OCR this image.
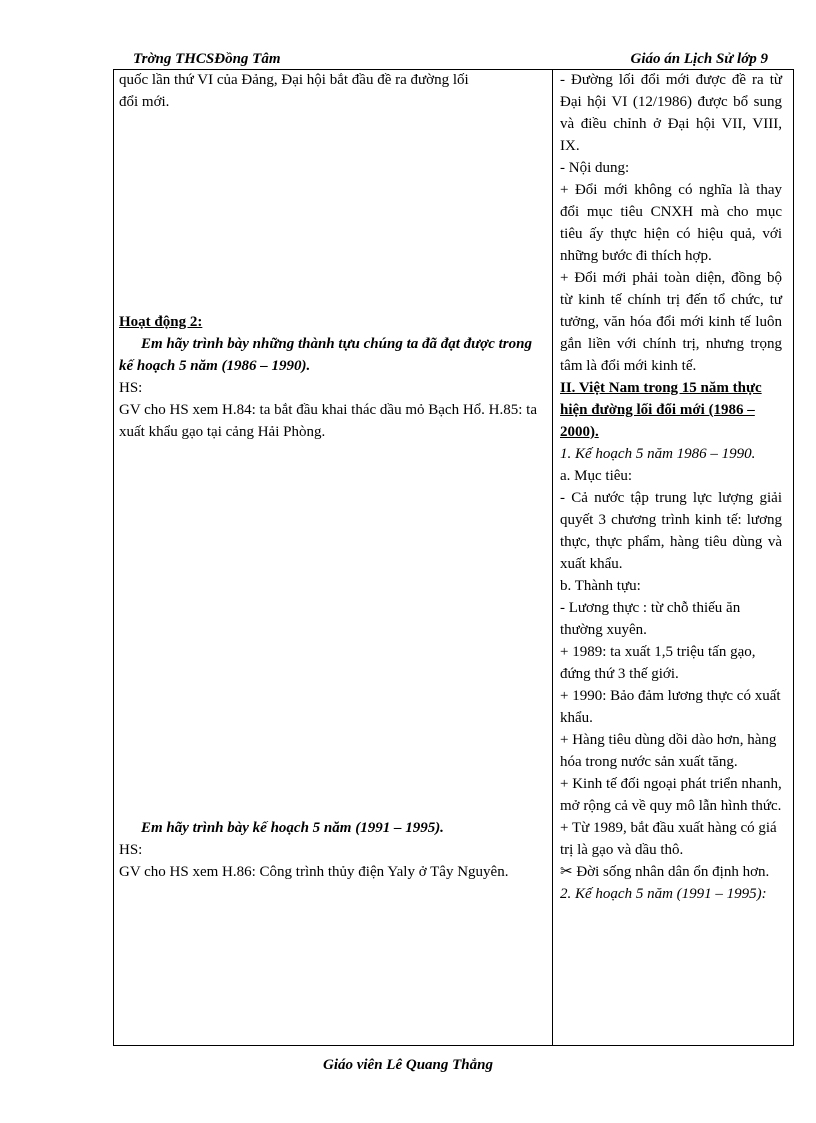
Trờng THCSĐồng Tâm	Giáo án Lịch Sử lớp 9

quốc lần thứ VI của Đảng, Đại hội bắt đầu đề ra đường lối

đổi mới.

Hoạt động 2:

Em hãy trình bày những thành tựu chúng ta đã đạt được trong kế hoạch 5 năm (1986 – 1990).

HS:

GV cho HS xem H.84: ta bắt đầu khai thác dầu mỏ Bạch Hổ. H.85: ta xuất khẩu gạo tại cảng Hải Phòng.

Em hãy trình bày kế hoạch 5 năm (1991 – 1995).

HS:

GV cho HS xem H.86: Công trình thủy điện Yaly ở Tây Nguyên.

- Đường lối đổi mới được đề ra từ Đại hội VI (12/1986) được bổ sung và điều chỉnh ở Đại hội VII, VIII, IX.

- Nội dung:

+ Đổi mới không có nghĩa là thay đổi mục tiêu CNXH mà cho mục tiêu ấy thực hiện có hiệu quả, với những bước đi thích hợp.

+ Đổi mới phải toàn diện, đồng bộ từ kinh tế chính trị đến tổ chức, tư tưởng, văn hóa đổi mới kinh tế luôn gắn liền với chính trị, nhưng trọng tâm là đổi mới kinh tế.

II. Việt Nam trong 15 năm thực hiện đường lối đổi mới (1986 – 2000).

1. Kế hoạch 5 năm 1986 – 1990.

a. Mục tiêu:

- Cả nước tập trung lực lượng giải quyết 3 chương trình kinh tế: lương thực, thực phẩm, hàng tiêu dùng và xuất khẩu.

b. Thành tựu:

- Lương thực : từ chỗ thiếu ăn thường xuyên.

+ 1989: ta xuất 1,5 triệu tấn gạo, đứng thứ 3 thế giới.

+ 1990: Bảo đảm lương thực có xuất khẩu.

+ Hàng tiêu dùng dồi dào hơn, hàng hóa trong nước sản xuất tăng.

+ Kinh tế đối ngoại phát triển nhanh, mở rộng cả về quy mô lẫn hình thức.

+ Từ 1989, bắt đầu xuất hàng có giá trị là gạo và dầu thô.

✂ Đời sống nhân dân ổn định hơn.

2. Kế hoạch 5 năm (1991 – 1995):

Giáo viên Lê Quang Thắng
